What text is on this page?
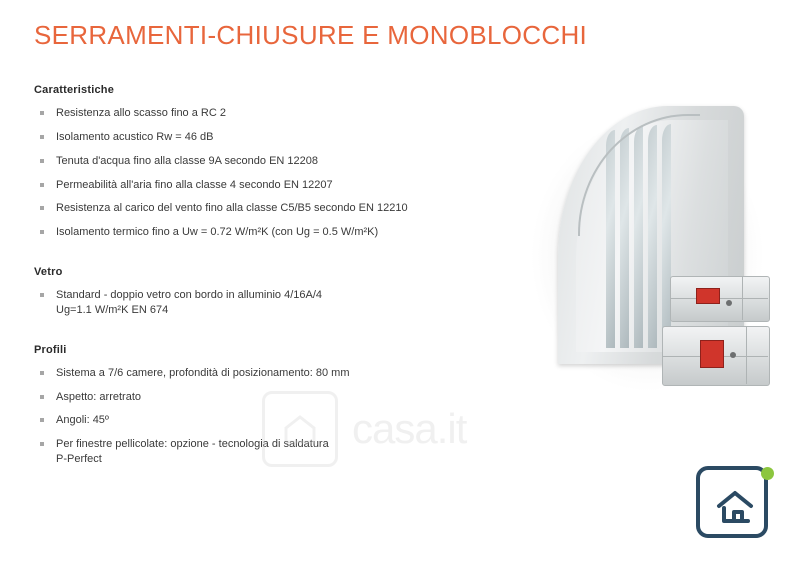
SERRAMENTI-CHIUSURE E MONOBLOCCHI
Caratteristiche
Resistenza allo scasso fino a RC 2
Isolamento acustico Rw = 46 dB
Tenuta d'acqua fino alla classe 9A secondo EN 12208
Permeabilità all'aria fino alla classe 4 secondo EN 12207
Resistenza al carico del vento fino alla classe C5/B5 secondo EN 12210
Isolamento termico fino a Uw = 0.72 W/m²K (con Ug = 0.5 W/m²K)
Vetro
Standard - doppio vetro con bordo in alluminio 4/16A/4
Ug=1.1 W/m²K EN 674
Profili
Sistema a 7/6 camere, profondità di posizionamento: 80 mm
Aspetto: arretrato
Angoli: 45º
Per finestre pellicolate: opzione - tecnologia di saldatura
P-Perfect
casa.it
